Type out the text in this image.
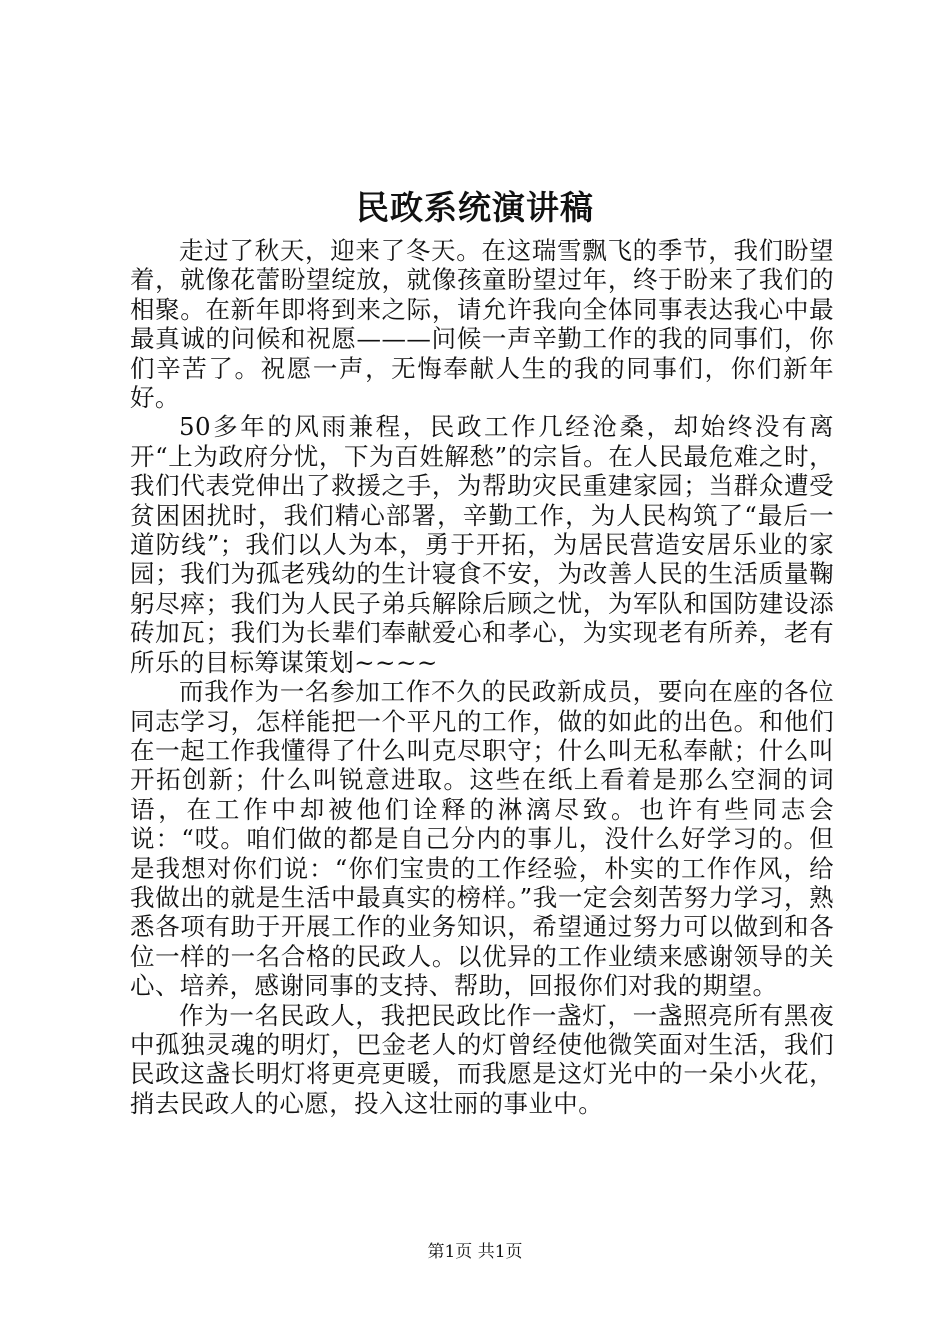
民政系统演讲稿

走过了秋天，迎来了冬天。在这瑞雪飘飞的季节，我们盼望着，就像花蕾盼望绽放，就像孩童盼望过年，终于盼来了我们的相聚。在新年即将到来之际，请允许我向全体同事表达我心中最最真诚的问候和祝愿———问候一声辛勤工作的我的同事们，你们辛苦了。祝愿一声，无悔奉献人生的我的同事们，你们新年好。

50多年的风雨兼程，民政工作几经沧桑，却始终没有离开“上为政府分忧，下为百姓解愁”的宗旨。在人民最危难之时，我们代表党伸出了救援之手，为帮助灾民重建家园；当群众遭受贫困困扰时，我们精心部署，辛勤工作，为人民构筑了“最后一道防线”；我们以人为本，勇于开拓，为居民营造安居乐业的家园；我们为孤老残幼的生计寝食不安，为改善人民的生活质量鞠躬尽瘁；我们为人民子弟兵解除后顾之忧，为军队和国防建设添砖加瓦；我们为长辈们奉献爱心和孝心，为实现老有所养，老有所乐的目标筹谋策划~~~~

而我作为一名参加工作不久的民政新成员，要向在座的各位同志学习，怎样能把一个平凡的工作，做的如此的出色。和他们在一起工作我懂得了什么叫克尽职守；什么叫无私奉献；什么叫开拓创新；什么叫锐意进取。这些在纸上看着是那么空洞的词语，在工作中却被他们诠释的淋漓尽致。也许有些同志会说：“哎。咱们做的都是自己分内的事儿，没什么好学习的。但是我想对你们说：“你们宝贵的工作经验，朴实的工作作风，给我做出的就是生活中最真实的榜样。”我一定会刻苦努力学习，熟悉各项有助于开展工作的业务知识，希望通过努力可以做到和各位一样的一名合格的民政人。以优异的工作业绩来感谢领导的关心、培养，感谢同事的支持、帮助，回报你们对我的期望。

作为一名民政人，我把民政比作一盏灯，一盏照亮所有黑夜中孤独灵魂的明灯，巴金老人的灯曾经使他微笑面对生活，我们民政这盏长明灯将更亮更暖，而我愿是这灯光中的一朵小火花，捎去民政人的心愿，投入这壮丽的事业中。

第1页 共1页
